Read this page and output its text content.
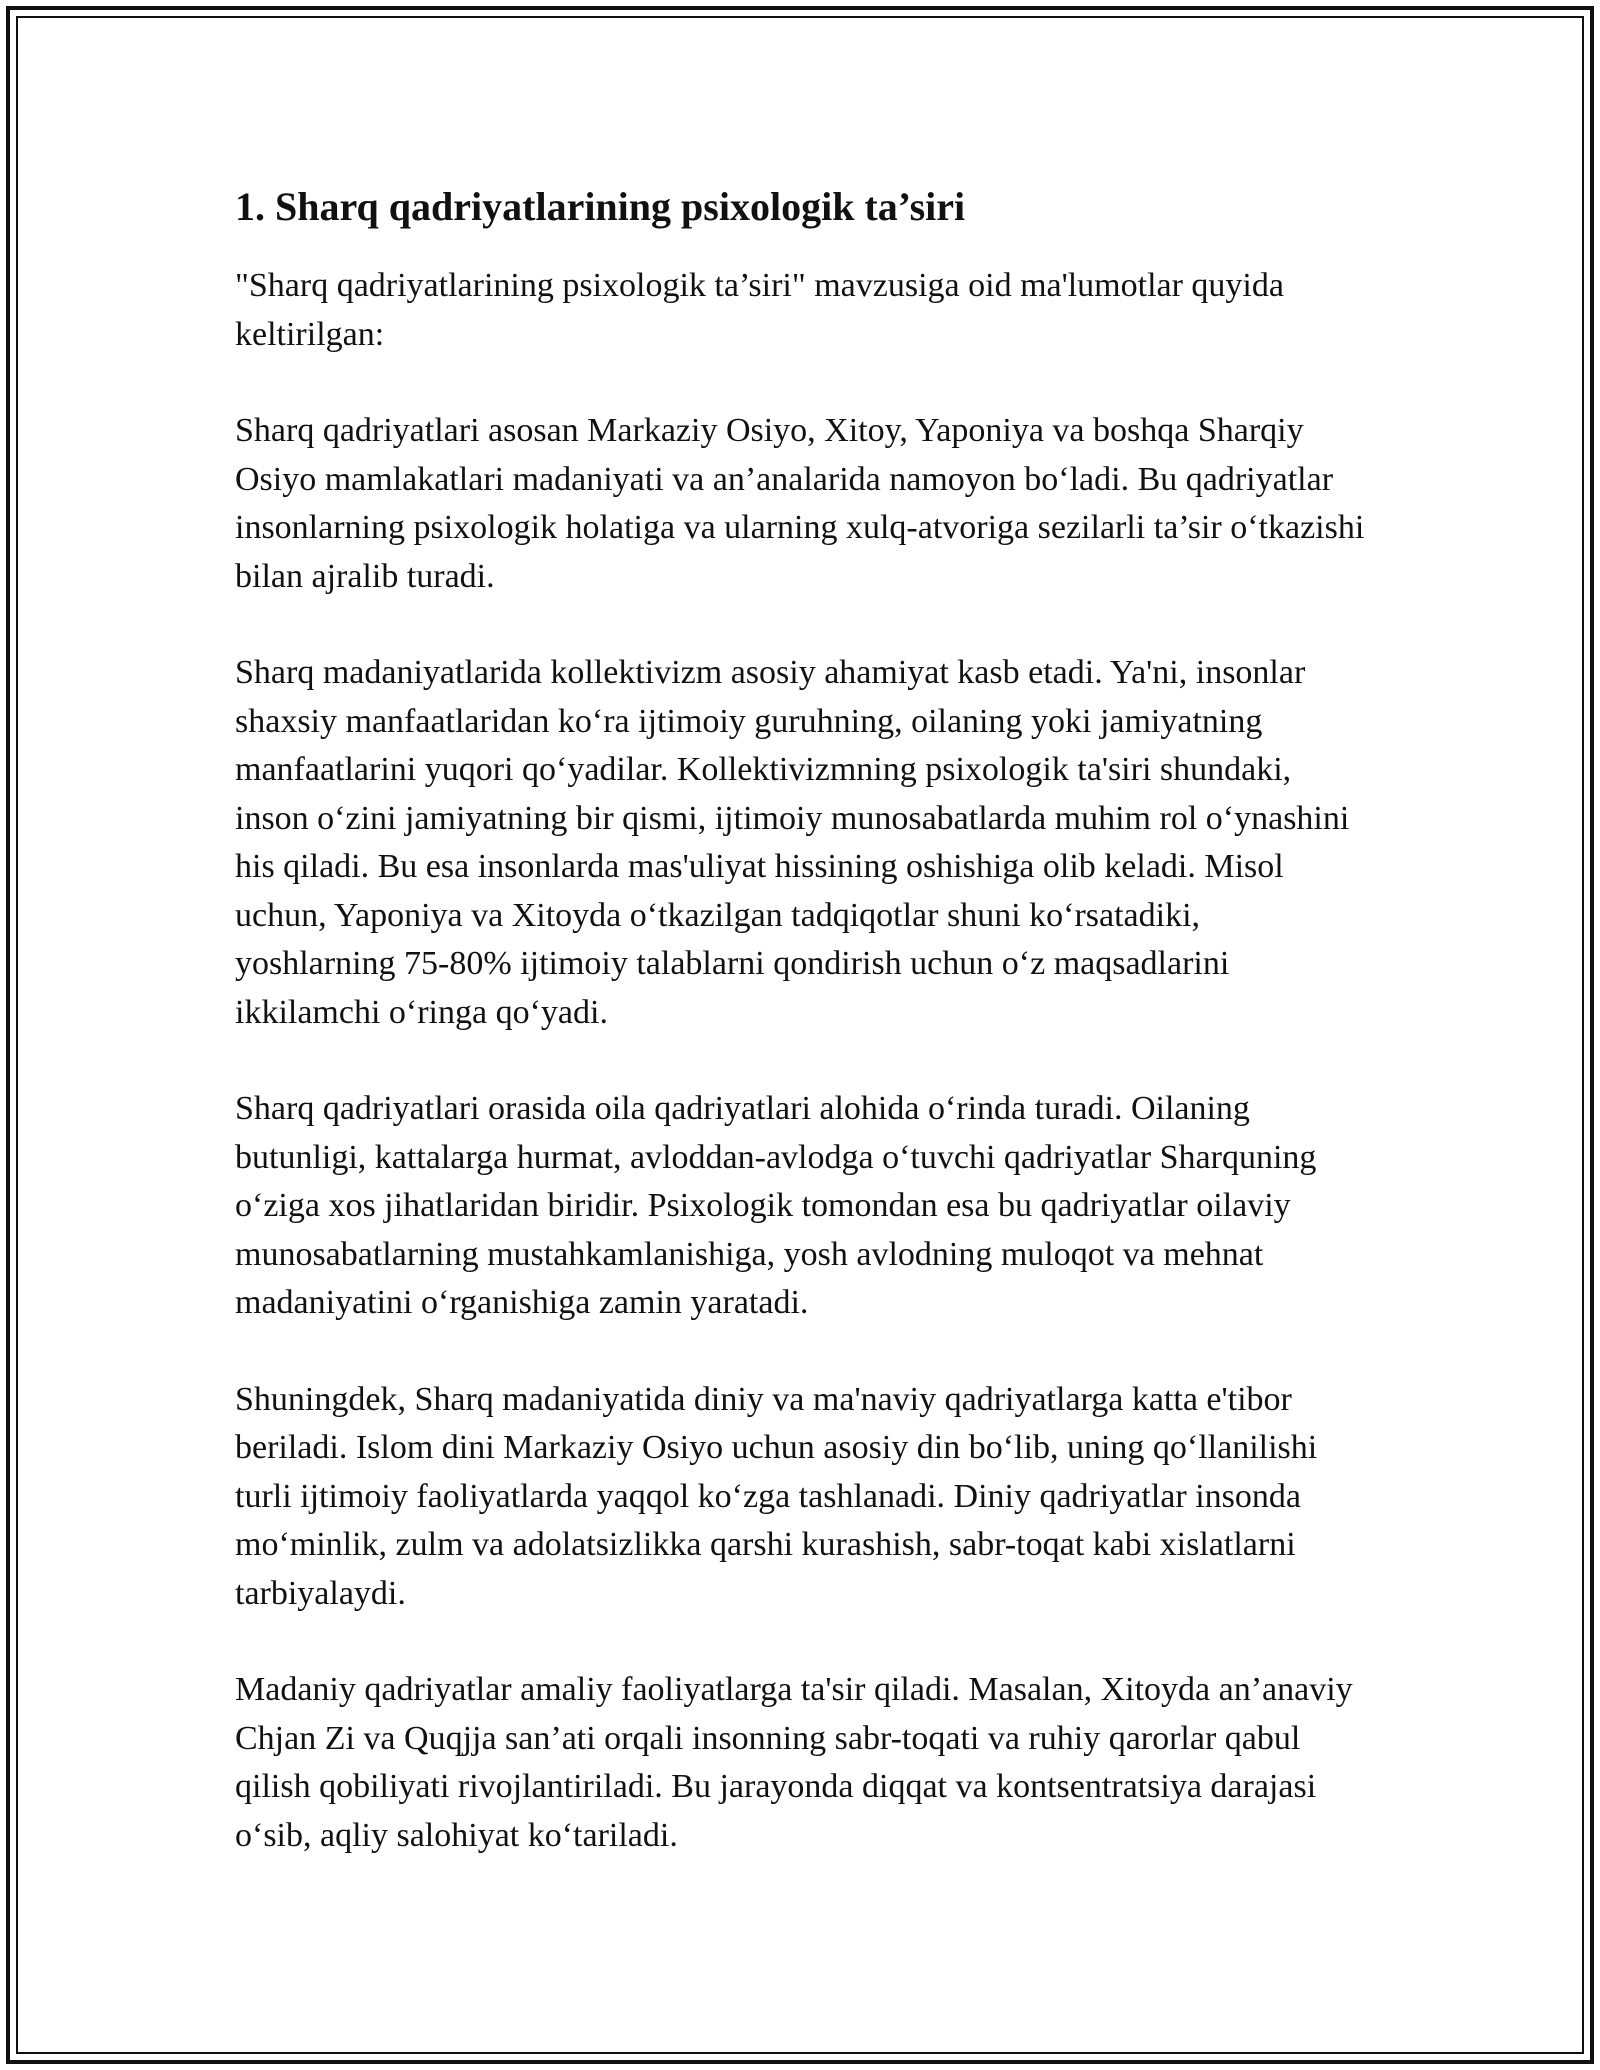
1. Sharq qadriyatlarining psixologik ta’siri

"Sharq qadriyatlarining psixologik ta’siri" mavzusiga oid ma'lumotlar quyida keltirilgan:

Sharq qadriyatlari asosan Markaziy Osiyo, Xitoy, Yaponiya va boshqa Sharqiy Osiyo mamlakatlari madaniyati va an’analarida namoyon bo‘ladi. Bu qadriyatlar insonlarning psixologik holatiga va ularning xulq-atvoriga sezilarli ta’sir o‘tkazishi bilan ajralib turadi.

Sharq madaniyatlarida kollektivizm asosiy ahamiyat kasb etadi. Ya'ni, insonlar shaxsiy manfaatlaridan ko‘ra ijtimoiy guruhning, oilaning yoki jamiyatning manfaatlarini yuqori qo‘yadilar. Kollektivizmning psixologik ta'siri shundaki, inson o‘zini jamiyatning bir qismi, ijtimoiy munosabatlarda muhim rol o‘ynashini his qiladi. Bu esa insonlarda mas'uliyat hissining oshishiga olib keladi. Misol uchun, Yaponiya va Xitoyda o‘tkazilgan tadqiqotlar shuni ko‘rsatadiki, yoshlarning 75-80% ijtimoiy talablarni qondirish uchun o‘z maqsadlarini ikkilamchi o‘ringa qo‘yadi.

Sharq qadriyatlari orasida oila qadriyatlari alohida o‘rinda turadi. Oilaning butunligi, kattalarga hurmat, avloddan-avlodga o‘tuvchi qadriyatlar Sharquning o‘ziga xos jihatlaridan biridir. Psixologik tomondan esa bu qadriyatlar oilaviy munosabatlarning mustahkamlanishiga, yosh avlodning muloqot va mehnat madaniyatini o‘rganishiga zamin yaratadi.

Shuningdek, Sharq madaniyatida diniy va ma'naviy qadriyatlarga katta e'tibor beriladi. Islom dini Markaziy Osiyo uchun asosiy din bo‘lib, uning qo‘llanilishi turli ijtimoiy faoliyatlarda yaqqol ko‘zga tashlanadi. Diniy qadriyatlar insonda mo‘minlik, zulm va adolatsizlikka qarshi kurashish, sabr-toqat kabi xislatlarni tarbiyalaydi.

Madaniy qadriyatlar amaliy faoliyatlarga ta'sir qiladi. Masalan, Xitoyda an’anaviy Chjan Zi va Quqjja san’ati orqali insonning sabr-toqati va ruhiy qarorlar qabul qilish qobiliyati rivojlantiriladi. Bu jarayonda diqqat va kontsentratsiya darajasi o‘sib, aqliy salohiyat ko‘tariladi.
